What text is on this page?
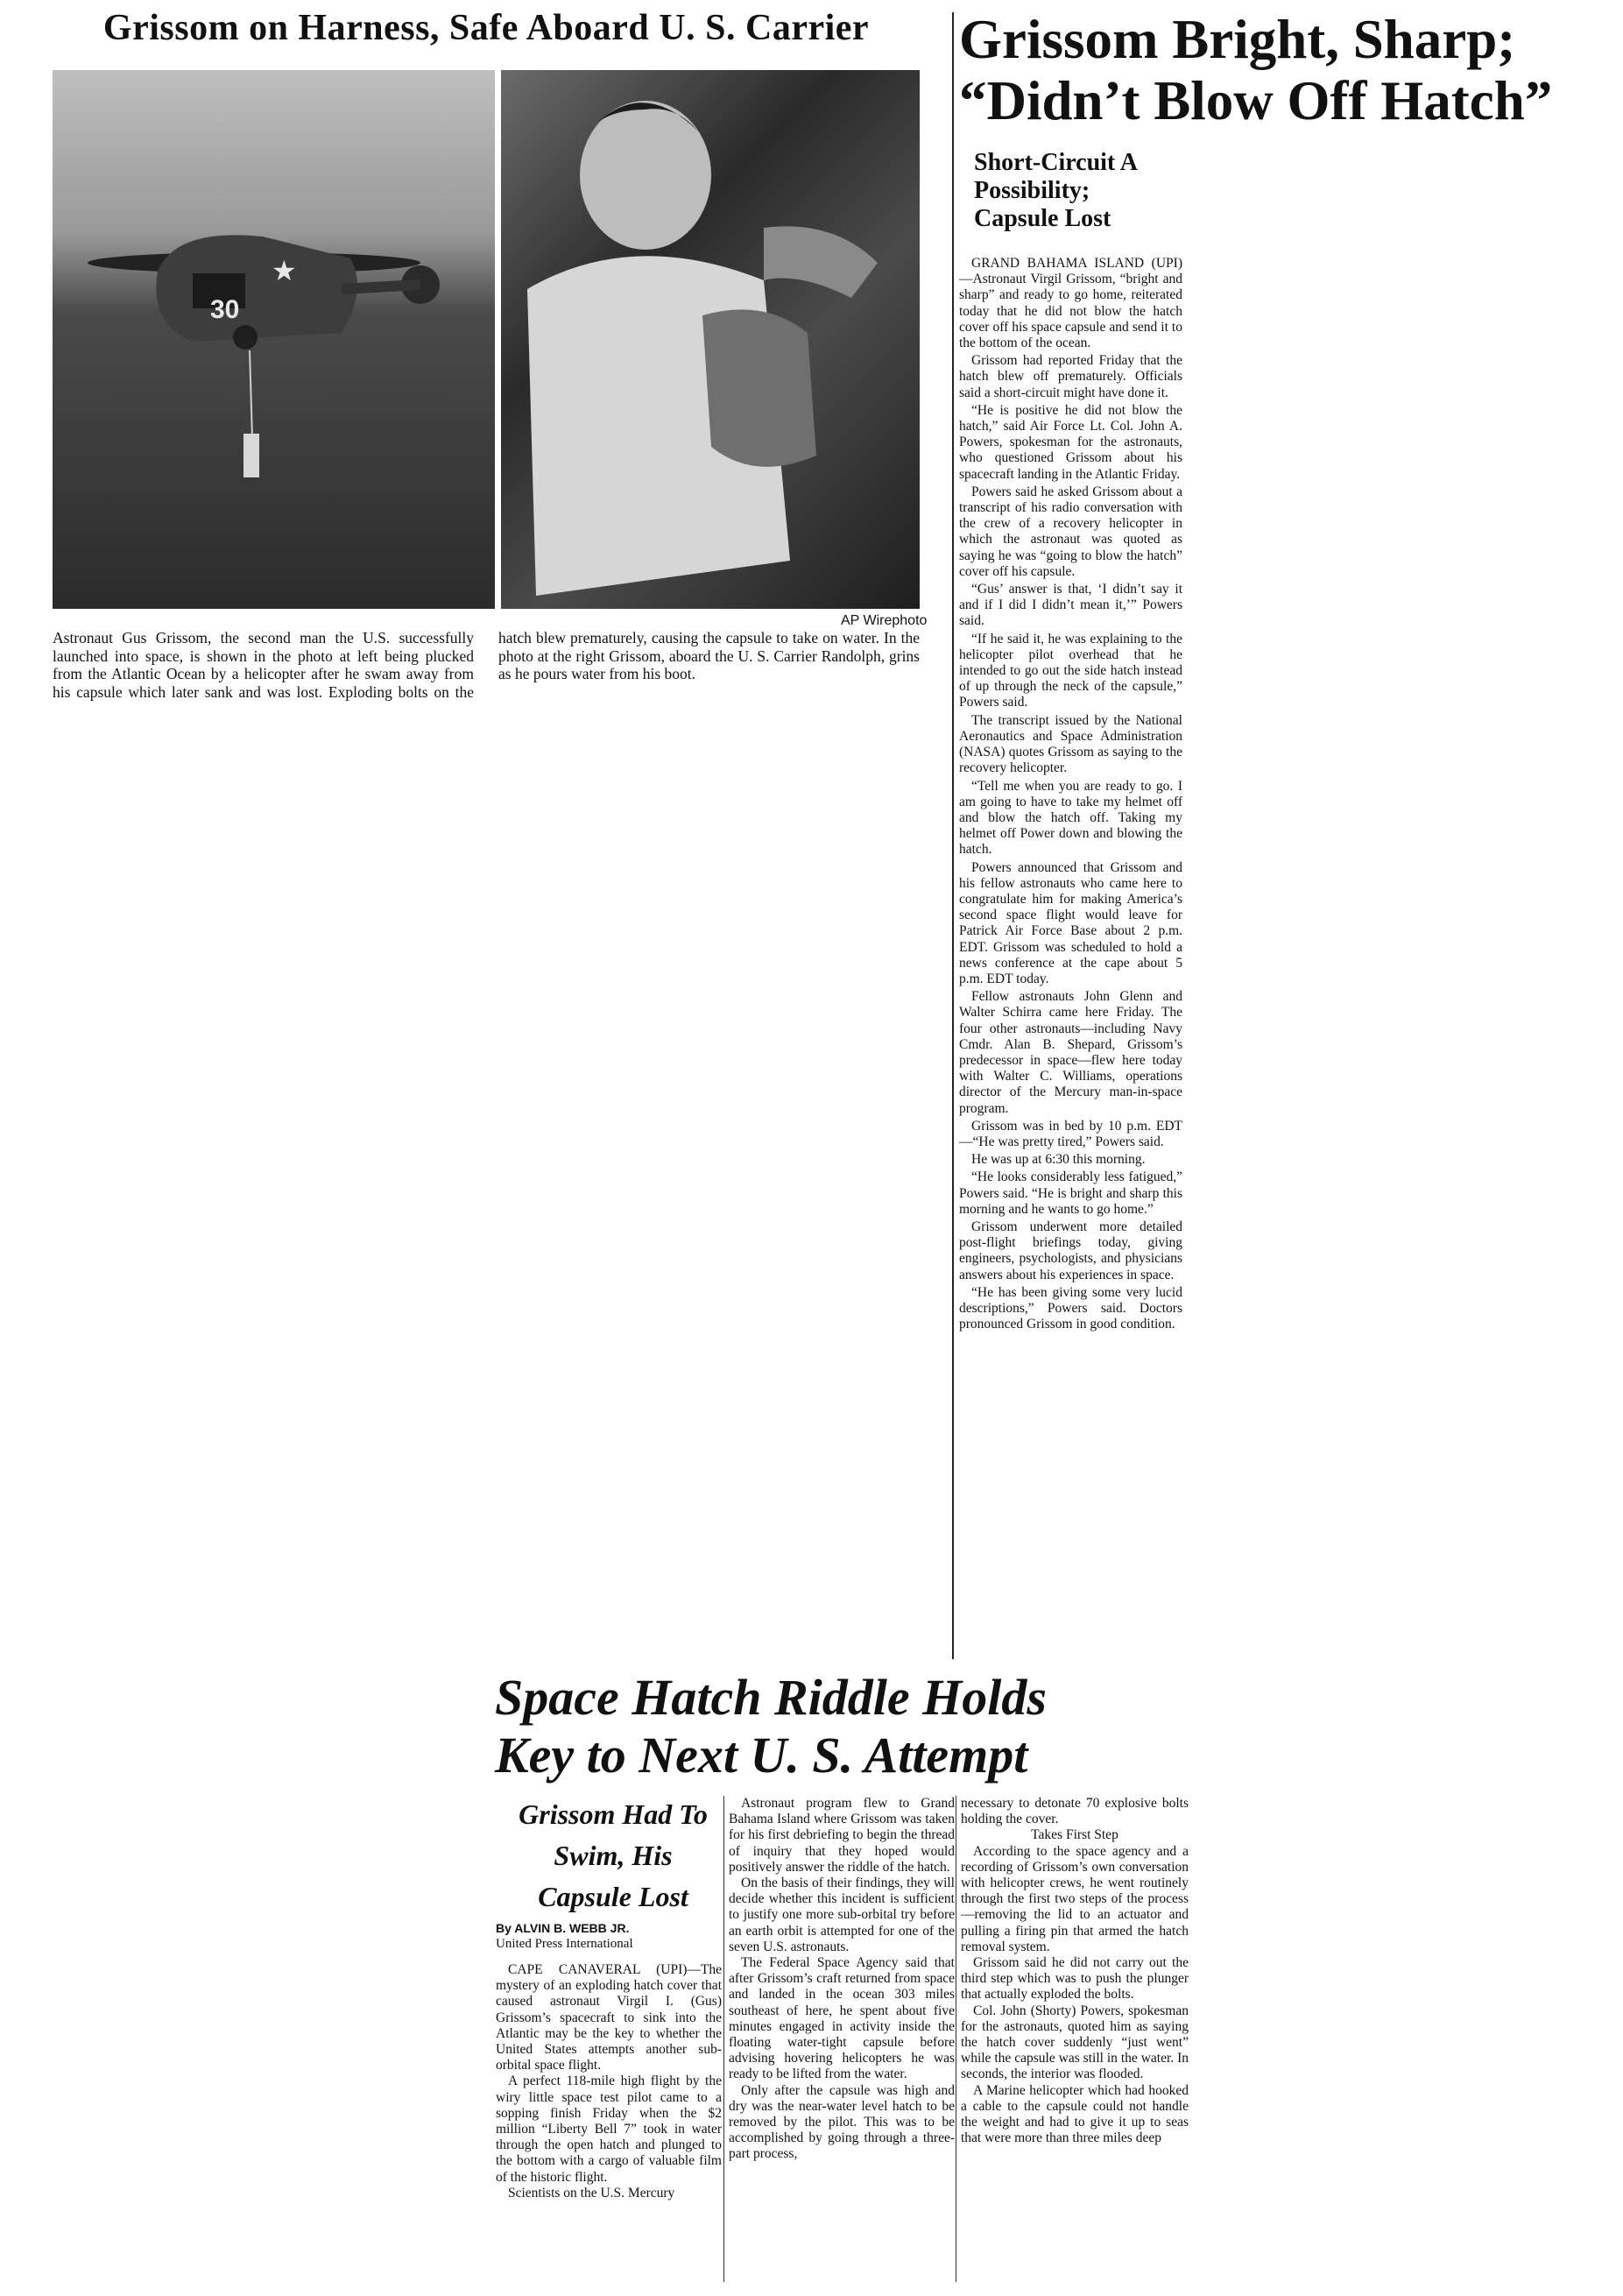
Grissom on Harness, Safe Aboard U. S. Carrier
30
★
AP Wirephoto
Astronaut Gus Grissom, the second man the U.S. successfully launched into space, is shown in the photo at left being plucked from the Atlantic Ocean by a helicopter after he swam away from his capsule which later sank and was lost. Exploding bolts on the hatch blew prematurely, causing the capsule to take on water. In the photo at the right Grissom, aboard the U. S. Carrier Randolph, grins as he pours water from his boot.
Grissom Bright, Sharp;
“Didn’t Blow Off Hatch”
Short-Circuit A Possibility; Capsule Lost

GRAND BAHAMA ISLAND (UPI)—Astronaut Virgil Grissom, “bright and sharp” and ready to go home, reiterated today that he did not blow the hatch cover off his space capsule and send it to the bottom of the ocean.

Grissom had reported Friday that the hatch blew off prematurely. Officials said a short-circuit might have done it.

“He is positive he did not blow the hatch,” said Air Force Lt. Col. John A. Powers, spokesman for the astronauts, who questioned Grissom about his spacecraft landing in the Atlantic Friday.

Powers said he asked Grissom about a transcript of his radio conversation with the crew of a recovery helicopter in which the astronaut was quoted as saying he was “going to blow the hatch” cover off his capsule.

“Gus’ answer is that, ‘I didn’t say it and if I did I didn’t mean it,’” Powers said.

“If he said it, he was explaining to the helicopter pilot overhead that he intended to go out the side hatch instead of up through the neck of the capsule,” Powers said.

The transcript issued by the National Aeronautics and Space Administration (NASA) quotes Grissom as saying to the recovery helicopter.

“Tell me when you are ready to go. I am going to have to take my helmet off and blow the hatch off. Taking my helmet off Power down and blowing the hatch.

Powers announced that Grissom and his fellow astronauts who came here to congratulate him for making America’s second space flight would leave for Patrick Air Force Base about 2 p.m. EDT. Grissom was scheduled to hold a news conference at the cape about 5 p.m. EDT today.

Fellow astronauts John Glenn and Walter Schirra came here Friday. The four other astronauts—including Navy Cmdr. Alan B. Shepard, Grissom’s predecessor in space—flew here today with Walter C. Williams, operations director of the Mercury man-in-space program.

Grissom was in bed by 10 p.m. EDT—“He was pretty tired,” Powers said.

He was up at 6:30 this morning.

“He looks considerably less fatigued,” Powers said. “He is bright and sharp this morning and he wants to go home.”

Grissom underwent more detailed post-flight briefings today, giving engineers, psychologists, and physicians answers about his experiences in space.

“He has been giving some very lucid descriptions,” Powers said. Doctors pronounced Grissom in good condition.

Space Hatch Riddle Holds
Key to Next U. S. Attempt
Grissom Had To Swim, His Capsule Lost
By ALVIN B. WEBB JR.
United Press International

CAPE CANAVERAL (UPI)—The mystery of an exploding hatch cover that caused astronaut Virgil I. (Gus) Grissom’s spacecraft to sink into the Atlantic may be the key to whether the United States attempts another sub-orbital space flight.

A perfect 118-mile high flight by the wiry little space test pilot came to a sopping finish Friday when the $2 million “Liberty Bell 7” took in water through the open hatch and plunged to the bottom with a cargo of valuable film of the historic flight.

Scientists on the U.S. Mercury

Astronaut program flew to Grand Bahama Island where Grissom was taken for his first debriefing to begin the thread of inquiry that they hoped would positively answer the riddle of the hatch.

On the basis of their findings, they will decide whether this incident is sufficient to justify one more sub-orbital try before an earth orbit is attempted for one of the seven U.S. astronauts.

The Federal Space Agency said that after Grissom’s craft returned from space and landed in the ocean 303 miles southeast of here, he spent about five minutes engaged in activity inside the floating water-tight capsule before advising hovering helicopters he was ready to be lifted from the water.

Only after the capsule was high and dry was the near-water level hatch to be removed by the pilot. This was to be accomplished by going through a three-part process,

necessary to detonate 70 explosive bolts holding the cover.

Takes First Step

According to the space agency and a recording of Grissom’s own conversation with helicopter crews, he went routinely through the first two steps of the process—removing the lid to an actuator and pulling a firing pin that armed the hatch removal system.

Grissom said he did not carry out the third step which was to push the plunger that actually exploded the bolts.

Col. John (Shorty) Powers, spokesman for the astronauts, quoted him as saying the hatch cover suddenly “just went” while the capsule was still in the water. In seconds, the interior was flooded.

A Marine helicopter which had hooked a cable to the capsule could not handle the weight and had to give it up to seas that were more than three miles deep
